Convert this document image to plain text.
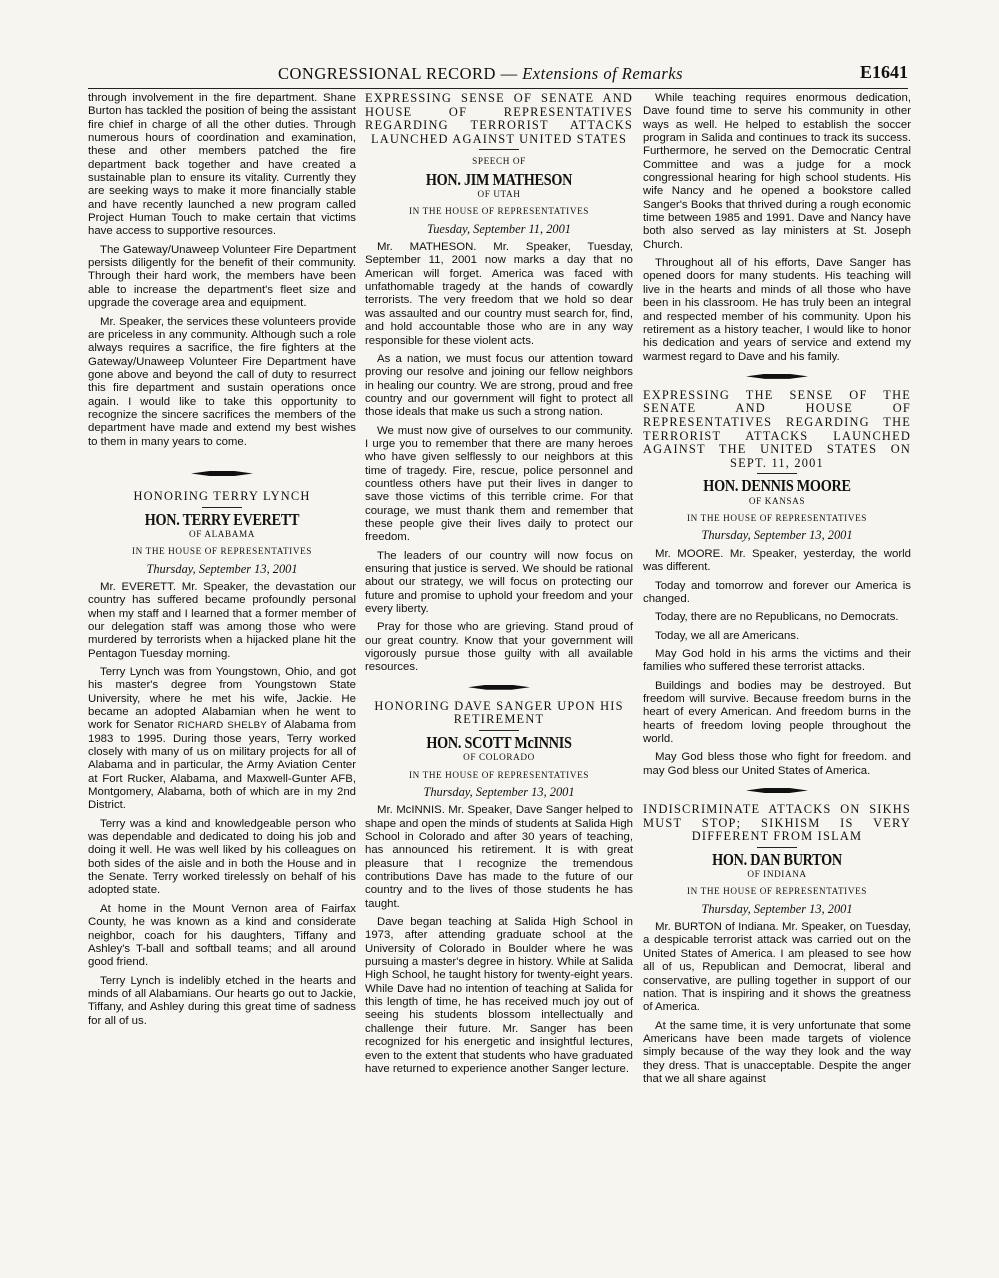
CONGRESSIONAL RECORD — Extensions of Remarks	E1641

through involvement in the fire department. Shane Burton has tackled the position of being the assistant fire chief in charge of all the other duties. Through numerous hours of coordination and examination, these and other members patched the fire department back together and have created a sustainable plan to ensure its vitality. Currently they are seeking ways to make it more financially stable and have recently launched a new program called Project Human Touch to make certain that victims have access to supportive resources.

The Gateway/Unaweep Volunteer Fire Department persists diligently for the benefit of their community. Through their hard work, the members have been able to increase the department's fleet size and upgrade the coverage area and equipment.

Mr. Speaker, the services these volunteers provide are priceless in any community. Although such a role always requires a sacrifice, the fire fighters at the Gateway/Unaweep Volunteer Fire Department have gone above and beyond the call of duty to resurrect this fire department and sustain operations once again. I would like to take this opportunity to recognize the sincere sacrifices the members of the department have made and extend my best wishes to them in many years to come.

HONORING TERRY LYNCH
HON. TERRY EVERETT
OF ALABAMA
IN THE HOUSE OF REPRESENTATIVES
Thursday, September 13, 2001

Mr. EVERETT. Mr. Speaker, the devastation our country has suffered became profoundly personal when my staff and I learned that a former member of our delegation staff was among those who were murdered by terrorists when a hijacked plane hit the Pentagon Tuesday morning.

Terry Lynch was from Youngstown, Ohio, and got his master's degree from Youngstown State University, where he met his wife, Jackie. He became an adopted Alabamian when he went to work for Senator RICHARD SHELBY of Alabama from 1983 to 1995. During those years, Terry worked closely with many of us on military projects for all of Alabama and in particular, the Army Aviation Center at Fort Rucker, Alabama, and Maxwell-Gunter AFB, Montgomery, Alabama, both of which are in my 2nd District.

Terry was a kind and knowledgeable person who was dependable and dedicated to doing his job and doing it well. He was well liked by his colleagues on both sides of the aisle and in both the House and in the Senate. Terry worked tirelessly on behalf of his adopted state.

At home in the Mount Vernon area of Fairfax County, he was known as a kind and considerate neighbor, coach for his daughters, Tiffany and Ashley's T-ball and softball teams; and all around good friend.

Terry Lynch is indelibly etched in the hearts and minds of all Alabamians. Our hearts go out to Jackie, Tiffany, and Ashley during this great time of sadness for all of us.

EXPRESSING SENSE OF SENATE AND HOUSE OF REPRESENTATIVES REGARDING TERRORIST ATTACKS LAUNCHED AGAINST UNITED STATES
SPEECH OF
HON. JIM MATHESON
OF UTAH
IN THE HOUSE OF REPRESENTATIVES
Tuesday, September 11, 2001

Mr. MATHESON. Mr. Speaker, Tuesday, September 11, 2001 now marks a day that no American will forget. America was faced with unfathomable tragedy at the hands of cowardly terrorists. The very freedom that we hold so dear was assaulted and our country must search for, find, and hold accountable those who are in any way responsible for these violent acts.

As a nation, we must focus our attention toward proving our resolve and joining our fellow neighbors in healing our country. We are strong, proud and free country and our government will fight to protect all those ideals that make us such a strong nation.

We must now give of ourselves to our community. I urge you to remember that there are many heroes who have given selflessly to our neighbors at this time of tragedy. Fire, rescue, police personnel and countless others have put their lives in danger to save those victims of this terrible crime. For that courage, we must thank them and remember that these people give their lives daily to protect our freedom.

The leaders of our country will now focus on ensuring that justice is served. We should be rational about our strategy, we will focus on protecting our future and promise to uphold your freedom and your every liberty.

Pray for those who are grieving. Stand proud of our great country. Know that your government will vigorously pursue those guilty with all available resources.

HONORING DAVE SANGER UPON HIS RETIREMENT
HON. SCOTT McINNIS
OF COLORADO
IN THE HOUSE OF REPRESENTATIVES
Thursday, September 13, 2001

Mr. McINNIS. Mr. Speaker, Dave Sanger helped to shape and open the minds of students at Salida High School in Colorado and after 30 years of teaching, has announced his retirement. It is with great pleasure that I recognize the tremendous contributions Dave has made to the future of our country and to the lives of those students he has taught.

Dave began teaching at Salida High School in 1973, after attending graduate school at the University of Colorado in Boulder where he was pursuing a master's degree in history. While at Salida High School, he taught history for twenty-eight years. While Dave had no intention of teaching at Salida for this length of time, he has received much joy out of seeing his students blossom intellectually and challenge their future. Mr. Sanger has been recognized for his energetic and insightful lectures, even to the extent that students who have graduated have returned to experience another Sanger lecture.

While teaching requires enormous dedication, Dave found time to serve his community in other ways as well. He helped to establish the soccer program in Salida and continues to track its success. Furthermore, he served on the Democratic Central Committee and was a judge for a mock congressional hearing for high school students. His wife Nancy and he opened a bookstore called Sanger's Books that thrived during a rough economic time between 1985 and 1991. Dave and Nancy have both also served as lay ministers at St. Joseph Church.

Throughout all of his efforts, Dave Sanger has opened doors for many students. His teaching will live in the hearts and minds of all those who have been in his classroom. He has truly been an integral and respected member of his community. Upon his retirement as a history teacher, I would like to honor his dedication and years of service and extend my warmest regard to Dave and his family.

EXPRESSING THE SENSE OF THE SENATE AND HOUSE OF REPRESENTATIVES REGARDING THE TERRORIST ATTACKS LAUNCHED AGAINST THE UNITED STATES ON SEPT. 11, 2001
HON. DENNIS MOORE
OF KANSAS
IN THE HOUSE OF REPRESENTATIVES
Thursday, September 13, 2001

Mr. MOORE. Mr. Speaker, yesterday, the world was different.

Today and tomorrow and forever our America is changed.

Today, there are no Republicans, no Democrats.

Today, we all are Americans.

May God hold in his arms the victims and their families who suffered these terrorist attacks.

Buildings and bodies may be destroyed. But freedom will survive. Because freedom burns in the heart of every American. And freedom burns in the hearts of freedom loving people throughout the world.

May God bless those who fight for freedom. and may God bless our United States of America.

INDISCRIMINATE ATTACKS ON SIKHS MUST STOP; SIKHISM IS VERY DIFFERENT FROM ISLAM
HON. DAN BURTON
OF INDIANA
IN THE HOUSE OF REPRESENTATIVES
Thursday, September 13, 2001

Mr. BURTON of Indiana. Mr. Speaker, on Tuesday, a despicable terrorist attack was carried out on the United States of America. I am pleased to see how all of us, Republican and Democrat, liberal and conservative, are pulling together in support of our nation. That is inspiring and it shows the greatness of America.

At the same time, it is very unfortunate that some Americans have been made targets of violence simply because of the way they look and the way they dress. That is unacceptable. Despite the anger that we all share against
